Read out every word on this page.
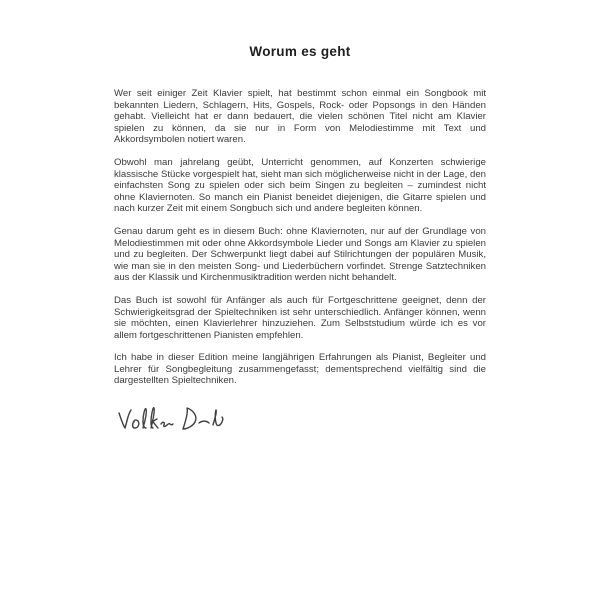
Worum es geht

Wer seit einiger Zeit Klavier spielt, hat bestimmt schon einmal ein Songbook mit bekannten Liedern, Schlagern, Hits, Gospels, Rock- oder Popsongs in den Händen gehabt. Vielleicht hat er dann bedauert, die vielen schönen Titel nicht am Klavier spielen zu können, da sie nur in Form von Melodiestimme mit Text und Akkordsymbolen notiert waren.

Obwohl man jahrelang geübt, Unterricht genommen, auf Konzerten schwierige klassische Stücke vorgespielt hat, sieht man sich möglicherweise nicht in der Lage, den einfachsten Song zu spielen oder sich beim Singen zu begleiten – zumindest nicht ohne Klaviernoten. So manch ein Pianist beneidet diejenigen, die Gitarre spielen und nach kurzer Zeit mit einem Songbuch sich und andere begleiten können.

Genau darum geht es in diesem Buch: ohne Klaviernoten, nur auf der Grundlage von Melodiestimmen mit oder ohne Akkordsymbole Lieder und Songs am Klavier zu spielen und zu begleiten. Der Schwerpunkt liegt dabei auf Stilrichtungen der populären Musik, wie man sie in den meisten Song- und Liederbüchern vorfindet. Strenge Satztechniken aus der Klassik und Kirchenmusiktradition werden nicht behandelt.

Das Buch ist sowohl für Anfänger als auch für Fortgeschrittene geeignet, denn der Schwierigkeitsgrad der Spieltechniken ist sehr unterschiedlich. Anfänger können, wenn sie möchten, einen Klavierlehrer hinzuziehen. Zum Selbststudium würde ich es vor allem fortgeschrittenen Pianisten empfehlen.

Ich habe in dieser Edition meine langjährigen Erfahrungen als Pianist, Begleiter und Lehrer für Songbegleitung zusammengefasst; dementsprechend vielfältig sind die dargestellten Spieltechniken.
